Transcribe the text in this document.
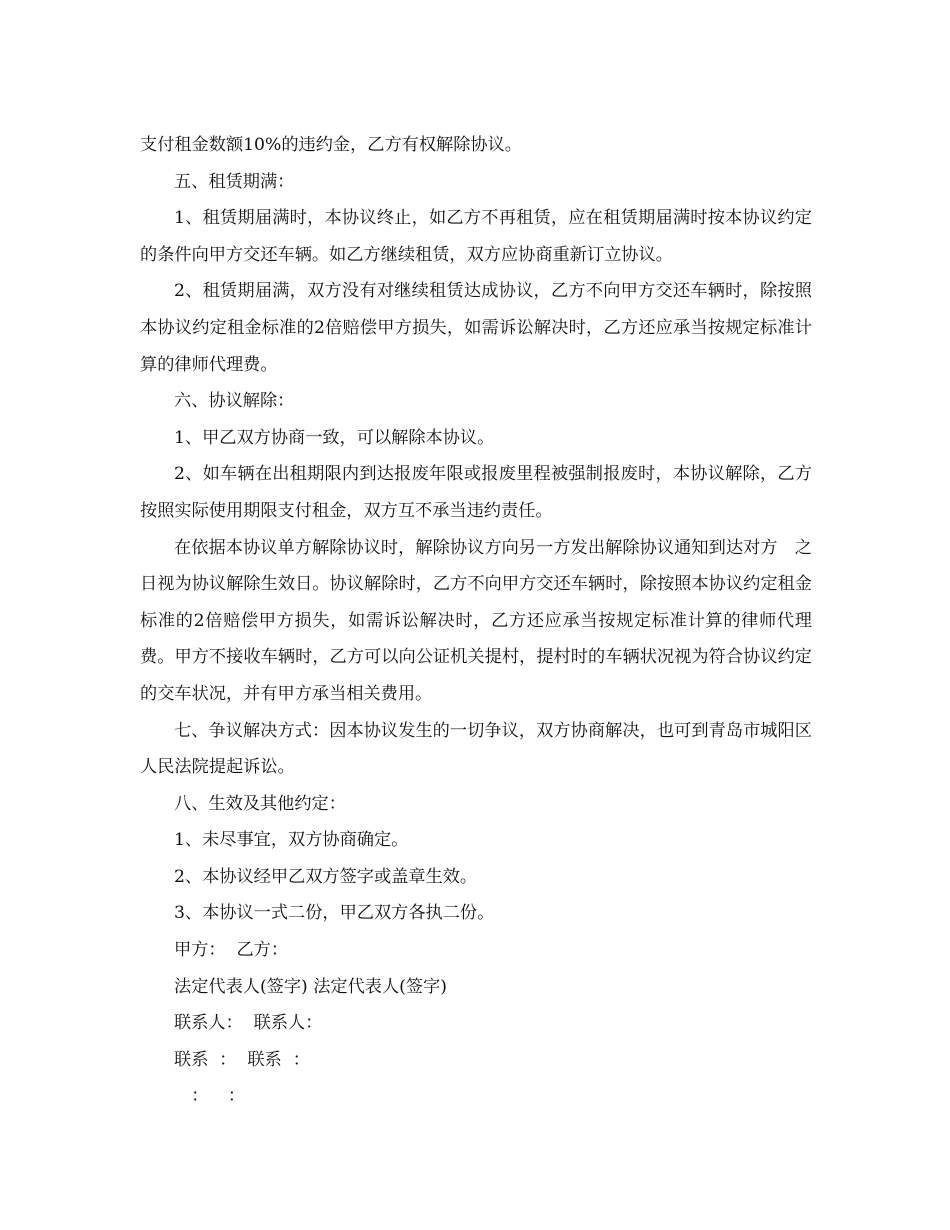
支付租金数额10%的违约金，乙方有权解除协议。

五、租赁期满：

1、租赁期届满时，本协议终止，如乙方不再租赁，应在租赁期届满时按本协议约定的条件向甲方交还车辆。如乙方继续租赁，双方应协商重新订立协议。

2、租赁期届满，双方没有对继续租赁达成协议，乙方不向甲方交还车辆时，除按照本协议约定租金标准的2倍赔偿甲方损失，如需诉讼解决时，乙方还应承当按规定标准计算的律师代理费。

六、协议解除：

1、甲乙双方协商一致，可以解除本协议。

2、如车辆在出租期限内到达报废年限或报废里程被强制报废时，本协议解除，乙方按照实际使用期限支付租金，双方互不承当违约责任。

在依据本协议单方解除协议时，解除协议方向另一方发出解除协议通知到达对方　之日视为协议解除生效日。协议解除时，乙方不向甲方交还车辆时，除按照本协议约定租金标准的2倍赔偿甲方损失，如需诉讼解决时，乙方还应承当按规定标准计算的律师代理费。甲方不接收车辆时，乙方可以向公证机关提村，提村时的车辆状况视为符合协议约定的交车状况，并有甲方承当相关费用。

七、争议解决方式：因本协议发生的一切争议，双方协商解决，也可到青岛市城阳区人民法院提起诉讼。

八、生效及其他约定：

1、未尽事宜，双方协商确定。

2、本协议经甲乙双方签字或盖章生效。

3、本协议一式二份，甲乙双方各执二份。

甲方：  乙方：

法定代表人(签字) 法定代表人(签字)

联系人：  联系人：

联系  ：  联系  ：

　：　  ：
